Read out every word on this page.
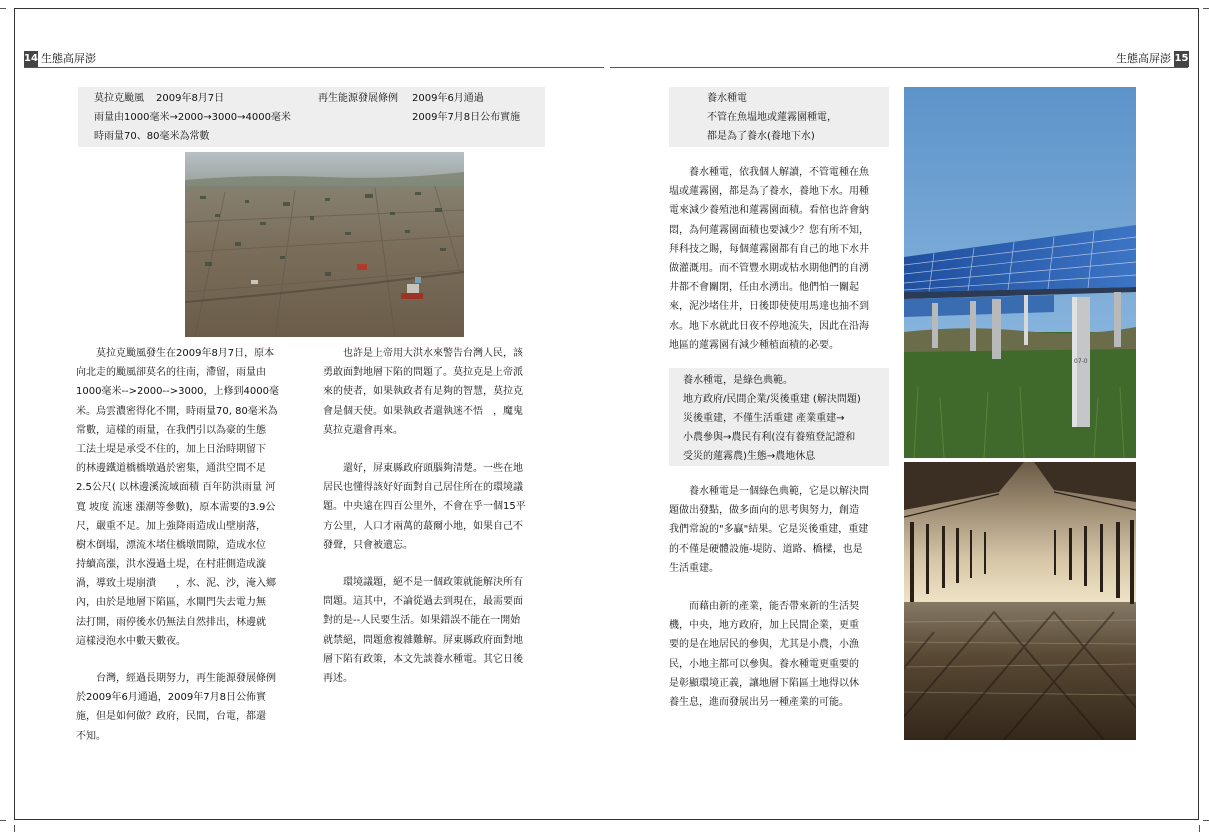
14 生態高屏澎
莫拉克颱風 2009年8月7日
雨量由1000毫米→2000→3000→4000毫米
時雨量70、80毫米為常數
再生能源發展條例 2009年6月通過
2009年7月8日公布實施
　　莫拉克颱風發生在2009年8月7日，原本
向北走的颱風卻莫名的往南，滯留，雨量由
1000毫米-->2000-->3000，上修到4000毫
米。烏雲濃密得化不開，時雨量70, 80毫米為
常數，這樣的雨量，在我們引以為豪的生態
工法土堤是承受不住的，加上日治時期留下
的林邊鐵道橋橋墩過於密集，通洪空間不足
2.5公尺( 以林邊溪流域面積 百年防洪雨量 河
寬 坡度 流速 漲潮等參數)，原本需要的3.9公
尺，嚴重不足。加上強降雨造成山壁崩落，
樹木倒塌，漂流木堵住橋墩間隙，造成水位
持續高漲，洪水漫過土堤，在村莊側造成漩
渦，導致土堤崩潰　　，水、泥、沙，淹入鄉
內，由於是地層下陷區，水閘門失去電力無
法打開，雨停後水仍無法自然排出，林邊就
這樣浸泡水中數天數夜。
　　台灣，經過長期努力，再生能源發展條例
於2009年6月通過，2009年7月8日公佈實
施，但是如何做？政府，民間，台電，都還
不知。
　　也許是上帝用大洪水來警告台灣人民，該
勇敢面對地層下陷的問題了。莫拉克是上帝派
來的使者，如果執政者有足夠的智慧，莫拉克
會是個天使。如果執政者還執迷不悟　，魔鬼
莫拉克還會再來。
　　還好，屏東縣政府頭腦夠清楚。一些在地
居民也懂得該好好面對自己居住所在的環境議
題。中央遠在四百公里外，不會在乎一個15平
方公里，人口才兩萬的蕞爾小地，如果自己不
發聲，只會被遺忘。
　　環境議題，絕不是一個政策就能解決所有
問題。這其中，不論從過去到現在，最需要面
對的是--人民要生活。如果錯誤不能在一開始
就禁絕，問題愈複雜難解。屏東縣政府面對地
層下陷有政策，本文先談養水種電。其它日後
再述。
生態高屏澎 15
養水種電
不管在魚塭地或蓮霧園種電，
都是為了養水(養地下水)
　　養水種電，依我個人解讀，不管電種在魚
塭或蓮霧園，都是為了養水，養地下水。用種
電來減少養殖池和蓮霧園面積。看倌也許會納
悶，為何蓮霧園面積也要減少？您有所不知，
拜科技之賜，每個蓮霧園都有自己的地下水井
做灌溉用。而不管豐水期或枯水期他們的自湧
井都不會關閉，任由水湧出。他們怕一關起
來，泥沙堵住井，日後即使使用馬達也抽不到
水。地下水就此日夜不停地流失，因此在沿海
地區的蓮霧園有減少種植面積的必要。
養水種電，是綠色典範。
地方政府/民間企業/災後重建 (解決問題)
災後重建，不僅生活重建 產業重建→
小農參與→農民有利(沒有養殖登記證和
受災的蓮霧農)生態→農地休息
　　養水種電是一個綠色典範，它是以解決問
題做出發點，做多面向的思考與努力，創造
我們常說的"多贏"結果。它是災後重建，重建
的不僅是硬體設施-堤防、道路、橋樑，也是
生活重建。
　　而藉由新的產業，能否帶來新的生活契
機，中央，地方政府，加上民間企業，更重
要的是在地居民的參與，尤其是小農，小漁
民，小地主都可以參與。養水種電更重要的
是彰顯環境正義，讓地層下陷區土地得以休
養生息，進而發展出另一種產業的可能。
07-0
